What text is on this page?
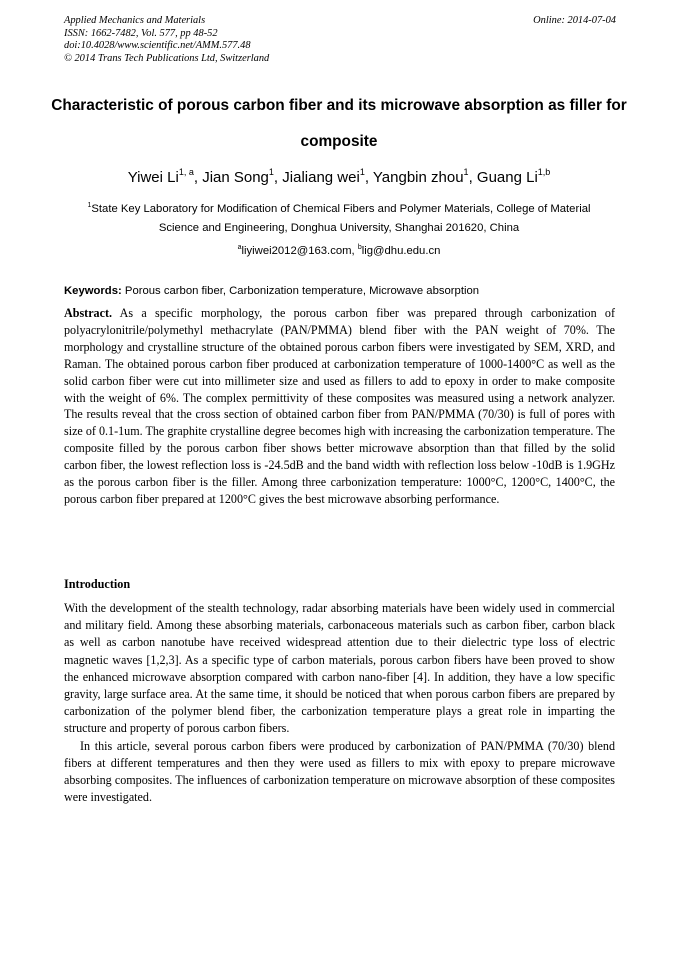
Applied Mechanics and Materials
ISSN: 1662-7482, Vol. 577, pp 48-52
doi:10.4028/www.scientific.net/AMM.577.48
© 2014 Trans Tech Publications Ltd, Switzerland
Online: 2014-07-04
Characteristic of porous carbon fiber and its microwave absorption as filler for composite
Yiwei Li$^{1, a}$, Jian Song$^1$, Jialiang wei$^1$, Yangbin zhou$^1$, Guang Li$^{1,b}$
$^1$State Key Laboratory for Modification of Chemical Fibers and Polymer Materials, College of Material Science and Engineering, Donghua University, Shanghai 201620, China
$^a$liyiwei2012@163.com, $^b$lig@dhu.edu.cn
Keywords: Porous carbon fiber, Carbonization temperature, Microwave absorption
Abstract. As a specific morphology, the porous carbon fiber was prepared through carbonization of polyacrylonitrile/polymethyl methacrylate (PAN/PMMA) blend fiber with the PAN weight of 70%. The morphology and crystalline structure of the obtained porous carbon fibers were investigated by SEM, XRD, and Raman. The obtained porous carbon fiber produced at carbonization temperature of 1000-1400°C as well as the solid carbon fiber were cut into millimeter size and used as fillers to add to epoxy in order to make composite with the weight of 6%. The complex permittivity of these composites was measured using a network analyzer. The results reveal that the cross section of obtained carbon fiber from PAN/PMMA (70/30) is full of pores with size of 0.1-1um. The graphite crystalline degree becomes high with increasing the carbonization temperature. The composite filled by the porous carbon fiber shows better microwave absorption than that filled by the solid carbon fiber, the lowest reflection loss is -24.5dB and the band width with reflection loss below -10dB is 1.9GHz as the porous carbon fiber is the filler. Among three carbonization temperature: 1000°C, 1200°C, 1400°C, the porous carbon fiber prepared at 1200°C gives the best microwave absorbing performance.
Introduction

With the development of the stealth technology, radar absorbing materials have been widely used in commercial and military field. Among these absorbing materials, carbonaceous materials such as carbon fiber, carbon black as well as carbon nanotube have received widespread attention due to their dielectric type loss of electric magnetic waves [1,2,3]. As a specific type of carbon materials, porous carbon fibers have been proved to show the enhanced microwave absorption compared with carbon nano-fiber [4]. In addition, they have a low specific gravity, large surface area. At the same time, it should be noticed that when porous carbon fibers are prepared by carbonization of the polymer blend fiber, the carbonization temperature plays a great role in imparting the structure and property of porous carbon fibers.

In this article, several porous carbon fibers were produced by carbonization of PAN/PMMA (70/30) blend fibers at different temperatures and then they were used as fillers to mix with epoxy to prepare microwave absorbing composites. The influences of carbonization temperature on microwave absorption of these composites were investigated.
